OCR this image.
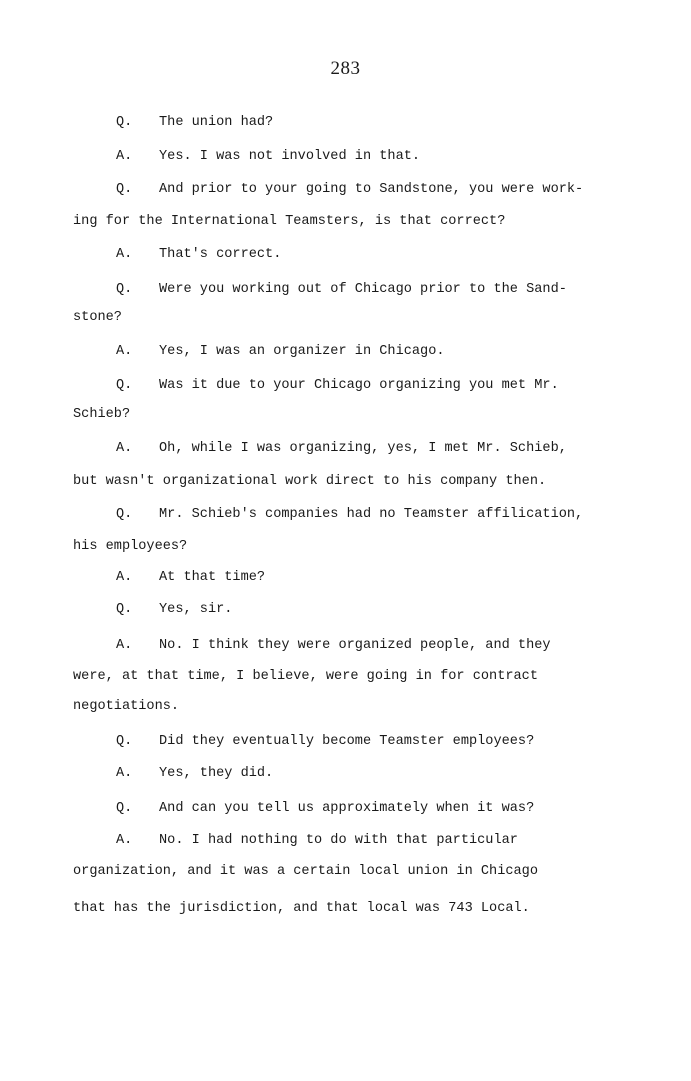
283
Q. The union had?
A. Yes. I was not involved in that.
Q. And prior to your going to Sandstone, you were work-
ing for the International Teamsters, is that correct?
A. That's correct.
Q. Were you working out of Chicago prior to the Sand-
stone?
A. Yes, I was an organizer in Chicago.
Q. Was it due to your Chicago organizing you met Mr.
Schieb?
A. Oh, while I was organizing, yes, I met Mr. Schieb,
but wasn't organizational work direct to his company then.
Q. Mr. Schieb's companies had no Teamster affilication,
his employees?
A. At that time?
Q. Yes, sir.
A. No. I think they were organized people, and they
were, at that time, I believe, were going in for contract
negotiations.
Q. Did they eventually become Teamster employees?
A. Yes, they did.
Q. And can you tell us approximately when it was?
A. No. I had nothing to do with that particular
organization, and it was a certain local union in Chicago
that has the jurisdiction, and that local was 743 Local.
